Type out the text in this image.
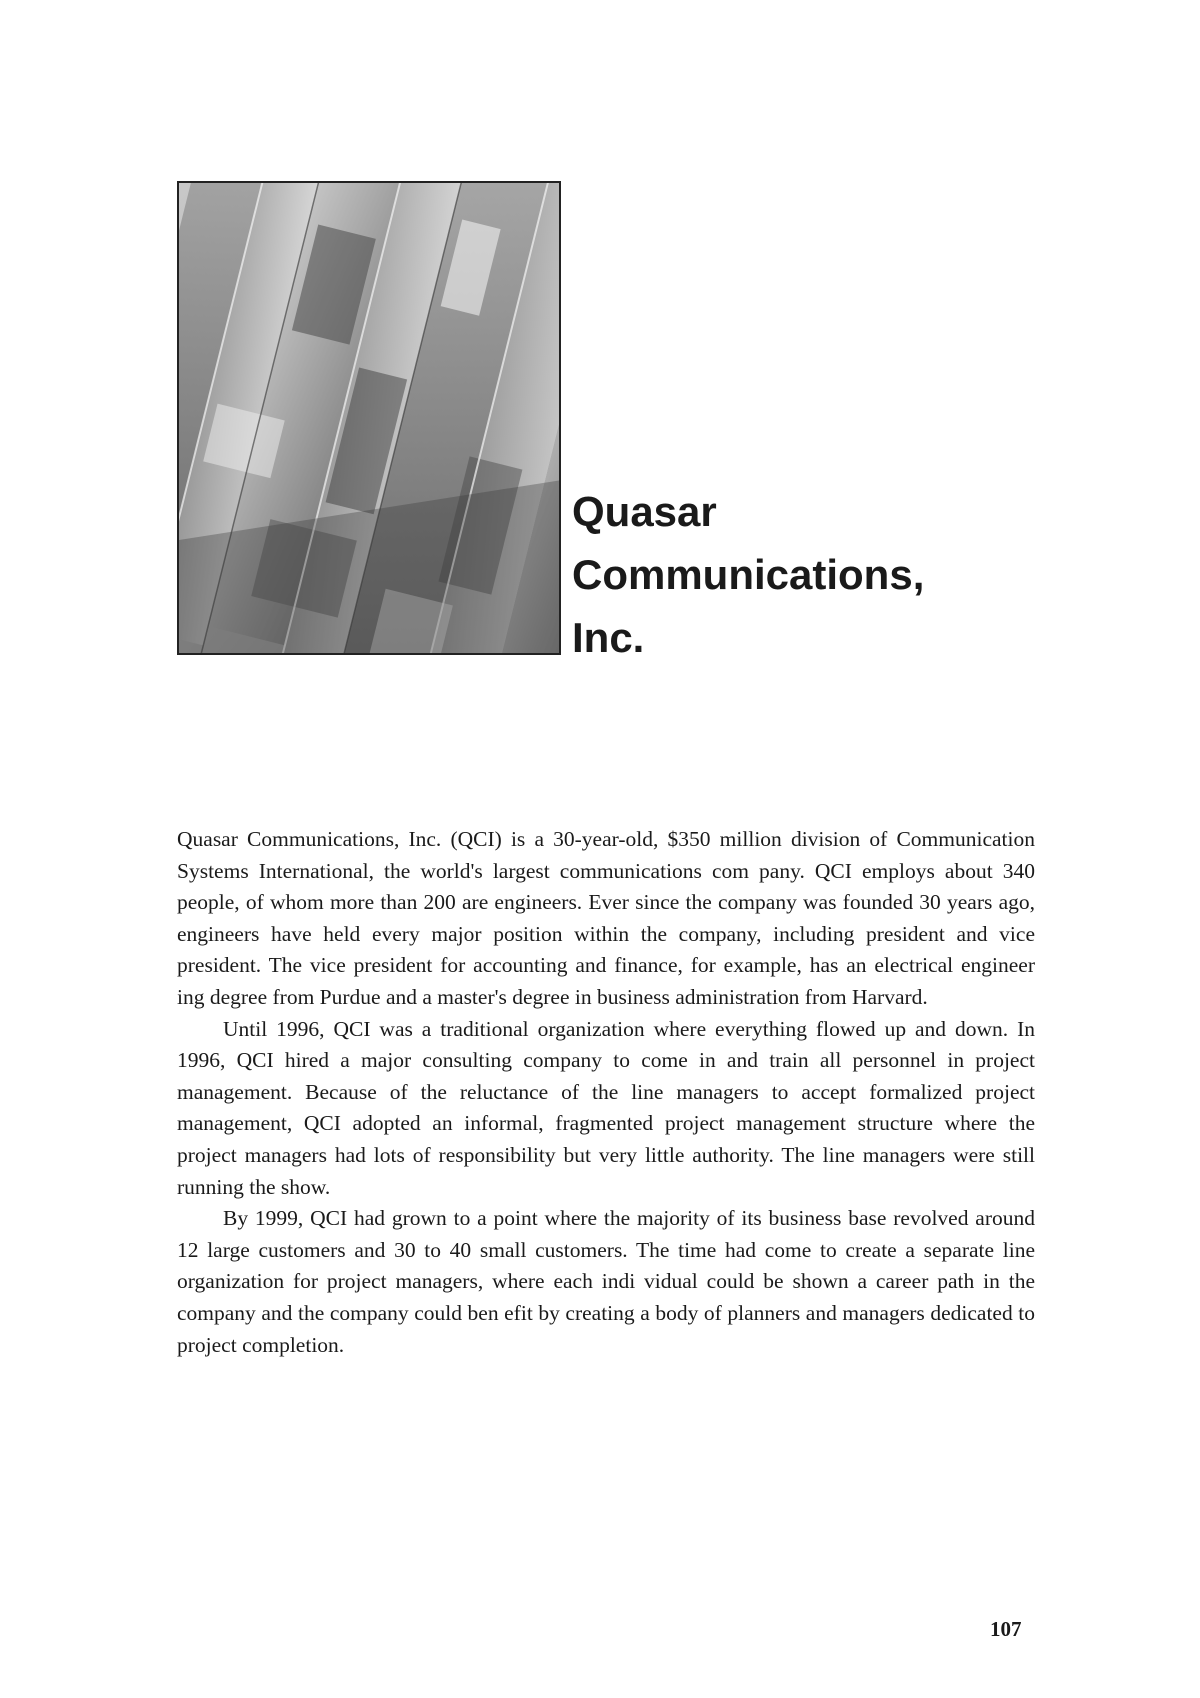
Quasar
Communications,
Inc.

Quasar Communications, Inc. (QCI) is a 30-year-old, $350 million division of Communication Systems International, the world's largest communications com pany. QCI employs about 340 people, of whom more than 200 are engineers. Ever since the company was founded 30 years ago, engineers have held every major position within the company, including president and vice president. The vice president for accounting and finance, for example, has an electrical engineer ing degree from Purdue and a master's degree in business administration from Harvard.

Until 1996, QCI was a traditional organization where everything flowed up and down. In 1996, QCI hired a major consulting company to come in and train all personnel in project management. Because of the reluctance of the line managers to accept formalized project management, QCI adopted an informal, fragmented project management structure where the project managers had lots of responsibility but very little authority. The line managers were still running the show.

By 1999, QCI had grown to a point where the majority of its business base revolved around 12 large customers and 30 to 40 small customers. The time had come to create a separate line organization for project managers, where each indi vidual could be shown a career path in the company and the company could ben efit by creating a body of planners and managers dedicated to project completion.

107
